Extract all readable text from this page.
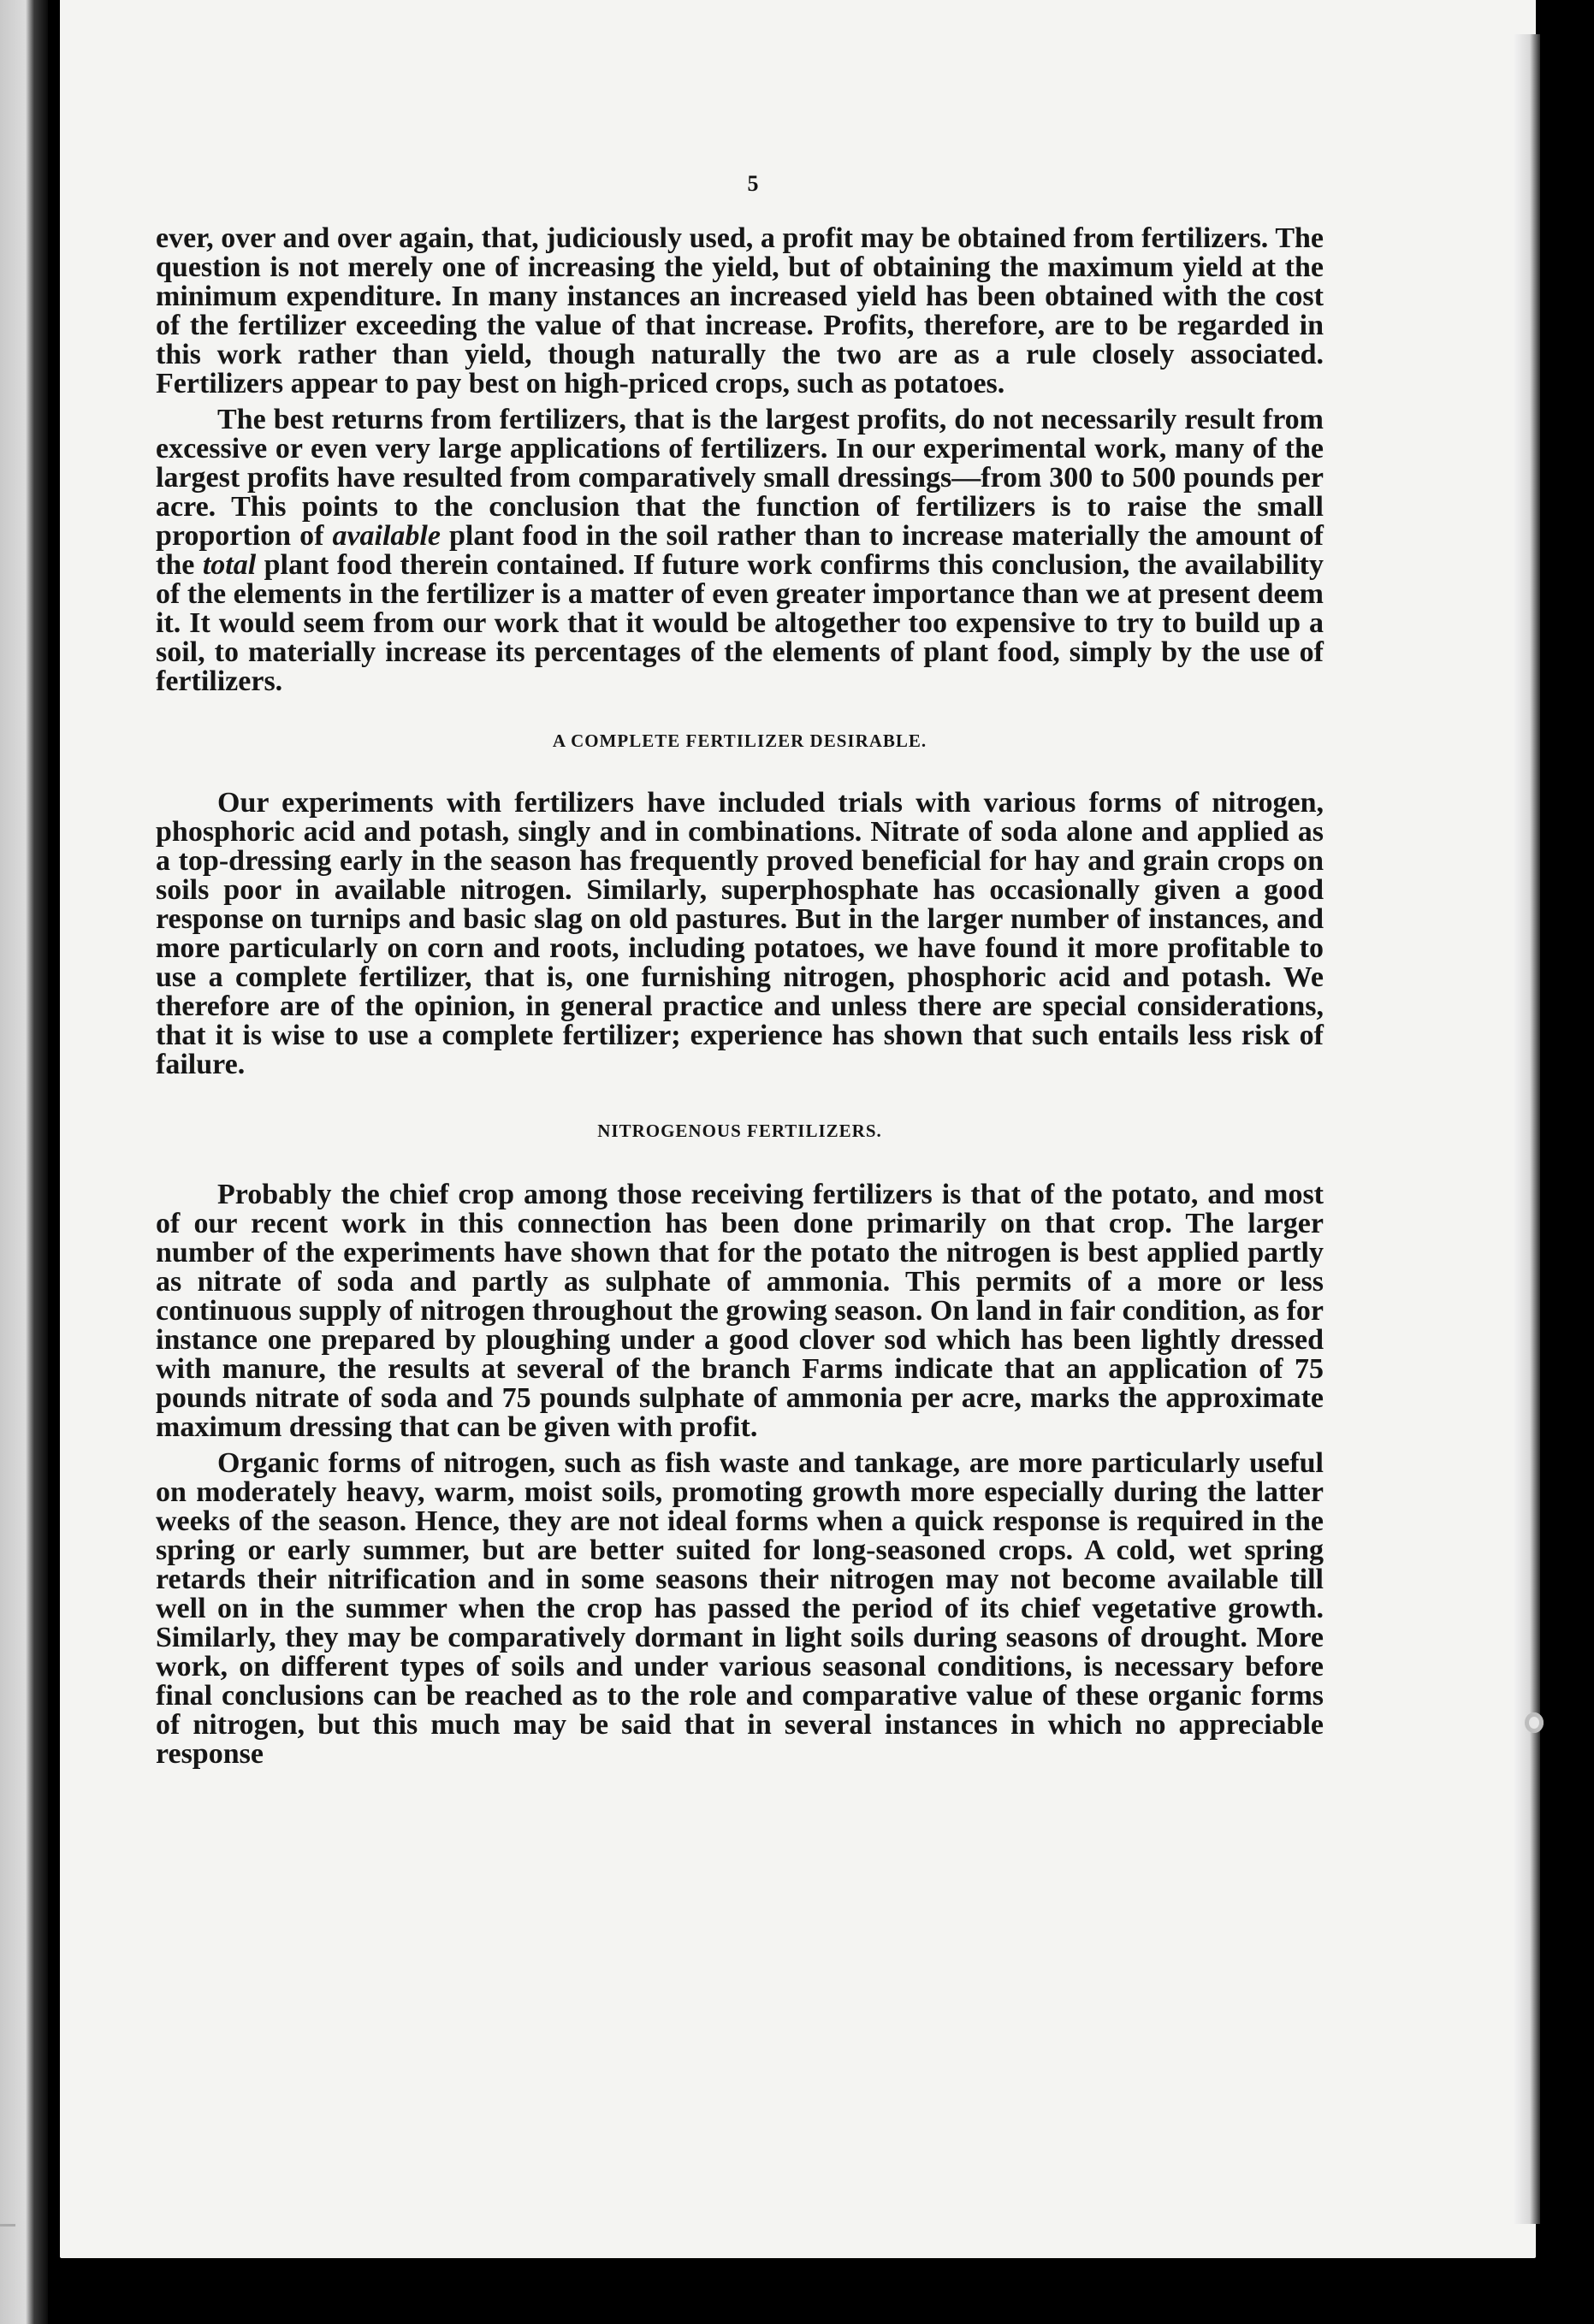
5

ever, over and over again, that, judiciously used, a profit may be obtained from fertilizers. The question is not merely one of increasing the yield, but of obtaining the maximum yield at the minimum expenditure. In many instances an increased yield has been obtained with the cost of the fertilizer exceeding the value of that increase. Profits, therefore, are to be regarded in this work rather than yield, though naturally the two are as a rule closely associated. Fertilizers appear to pay best on high-priced crops, such as potatoes.

The best returns from fertilizers, that is the largest profits, do not necessarily result from excessive or even very large applications of fertilizers. In our experimental work, many of the largest profits have resulted from comparatively small dressings—from 300 to 500 pounds per acre. This points to the conclusion that the function of fertilizers is to raise the small proportion of available plant food in the soil rather than to increase materially the amount of the total plant food therein contained. If future work confirms this conclusion, the availability of the elements in the fertilizer is a matter of even greater importance than we at present deem it. It would seem from our work that it would be altogether too expensive to try to build up a soil, to materially increase its percentages of the elements of plant food, simply by the use of fertilizers.

A COMPLETE FERTILIZER DESIRABLE.

Our experiments with fertilizers have included trials with various forms of nitrogen, phosphoric acid and potash, singly and in combinations. Nitrate of soda alone and applied as a top-dressing early in the season has frequently proved beneficial for hay and grain crops on soils poor in available nitrogen. Similarly, superphosphate has occasionally given a good response on turnips and basic slag on old pastures. But in the larger number of instances, and more particularly on corn and roots, including potatoes, we have found it more profitable to use a complete fertilizer, that is, one furnishing nitrogen, phosphoric acid and potash. We therefore are of the opinion, in general practice and unless there are special considerations, that it is wise to use a complete fertilizer; experience has shown that such entails less risk of failure.

NITROGENOUS FERTILIZERS.

Probably the chief crop among those receiving fertilizers is that of the potato, and most of our recent work in this connection has been done primarily on that crop. The larger number of the experiments have shown that for the potato the nitrogen is best applied partly as nitrate of soda and partly as sulphate of ammonia. This permits of a more or less continuous supply of nitrogen throughout the growing season. On land in fair condition, as for instance one prepared by ploughing under a good clover sod which has been lightly dressed with manure, the results at several of the branch Farms indicate that an application of 75 pounds nitrate of soda and 75 pounds sulphate of ammonia per acre, marks the approximate maximum dressing that can be given with profit.

Organic forms of nitrogen, such as fish waste and tankage, are more particularly useful on moderately heavy, warm, moist soils, promoting growth more especially during the latter weeks of the season. Hence, they are not ideal forms when a quick response is required in the spring or early summer, but are better suited for long-seasoned crops. A cold, wet spring retards their nitrification and in some seasons their nitrogen may not become available till well on in the summer when the crop has passed the period of its chief vegetative growth. Similarly, they may be comparatively dormant in light soils during seasons of drought. More work, on different types of soils and under various seasonal conditions, is necessary before final conclusions can be reached as to the role and comparative value of these organic forms of nitrogen, but this much may be said that in several instances in which no appreciable response
